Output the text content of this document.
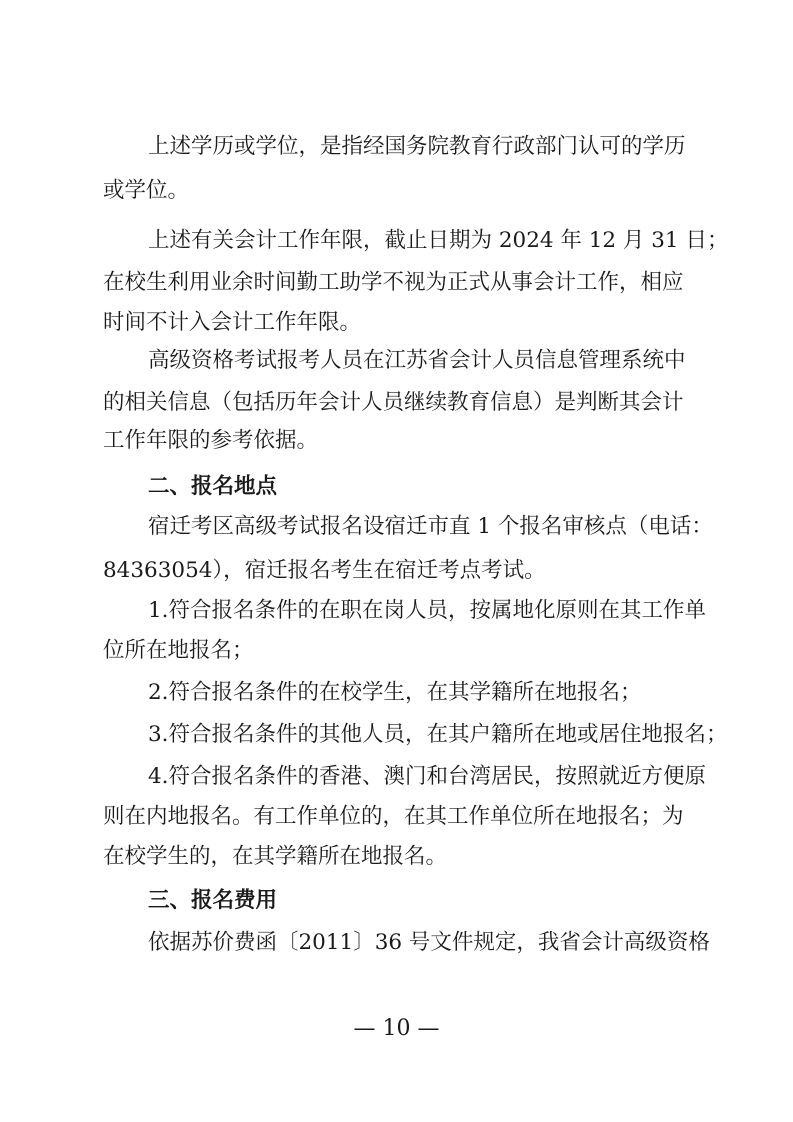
上述学历或学位，是指经国务院教育行政部门认可的学历
或学位。
上述有关会计工作年限，截止日期为 2024 年 12 月 31 日；
在校生利用业余时间勤工助学不视为正式从事会计工作，相应
时间不计入会计工作年限。
高级资格考试报考人员在江苏省会计人员信息管理系统中
的相关信息（包括历年会计人员继续教育信息）是判断其会计
工作年限的参考依据。
二、报名地点
宿迁考区高级考试报名设宿迁市直 1 个报名审核点（电话：
84363054），宿迁报名考生在宿迁考点考试。
1.符合报名条件的在职在岗人员，按属地化原则在其工作单
位所在地报名；
2.符合报名条件的在校学生，在其学籍所在地报名；
3.符合报名条件的其他人员，在其户籍所在地或居住地报名；
4.符合报名条件的香港、澳门和台湾居民，按照就近方便原
则在内地报名。有工作单位的，在其工作单位所在地报名；为
在校学生的，在其学籍所在地报名。
三、报名费用
依据苏价费函〔2011〕36 号文件规定，我省会计高级资格
— 10 —
